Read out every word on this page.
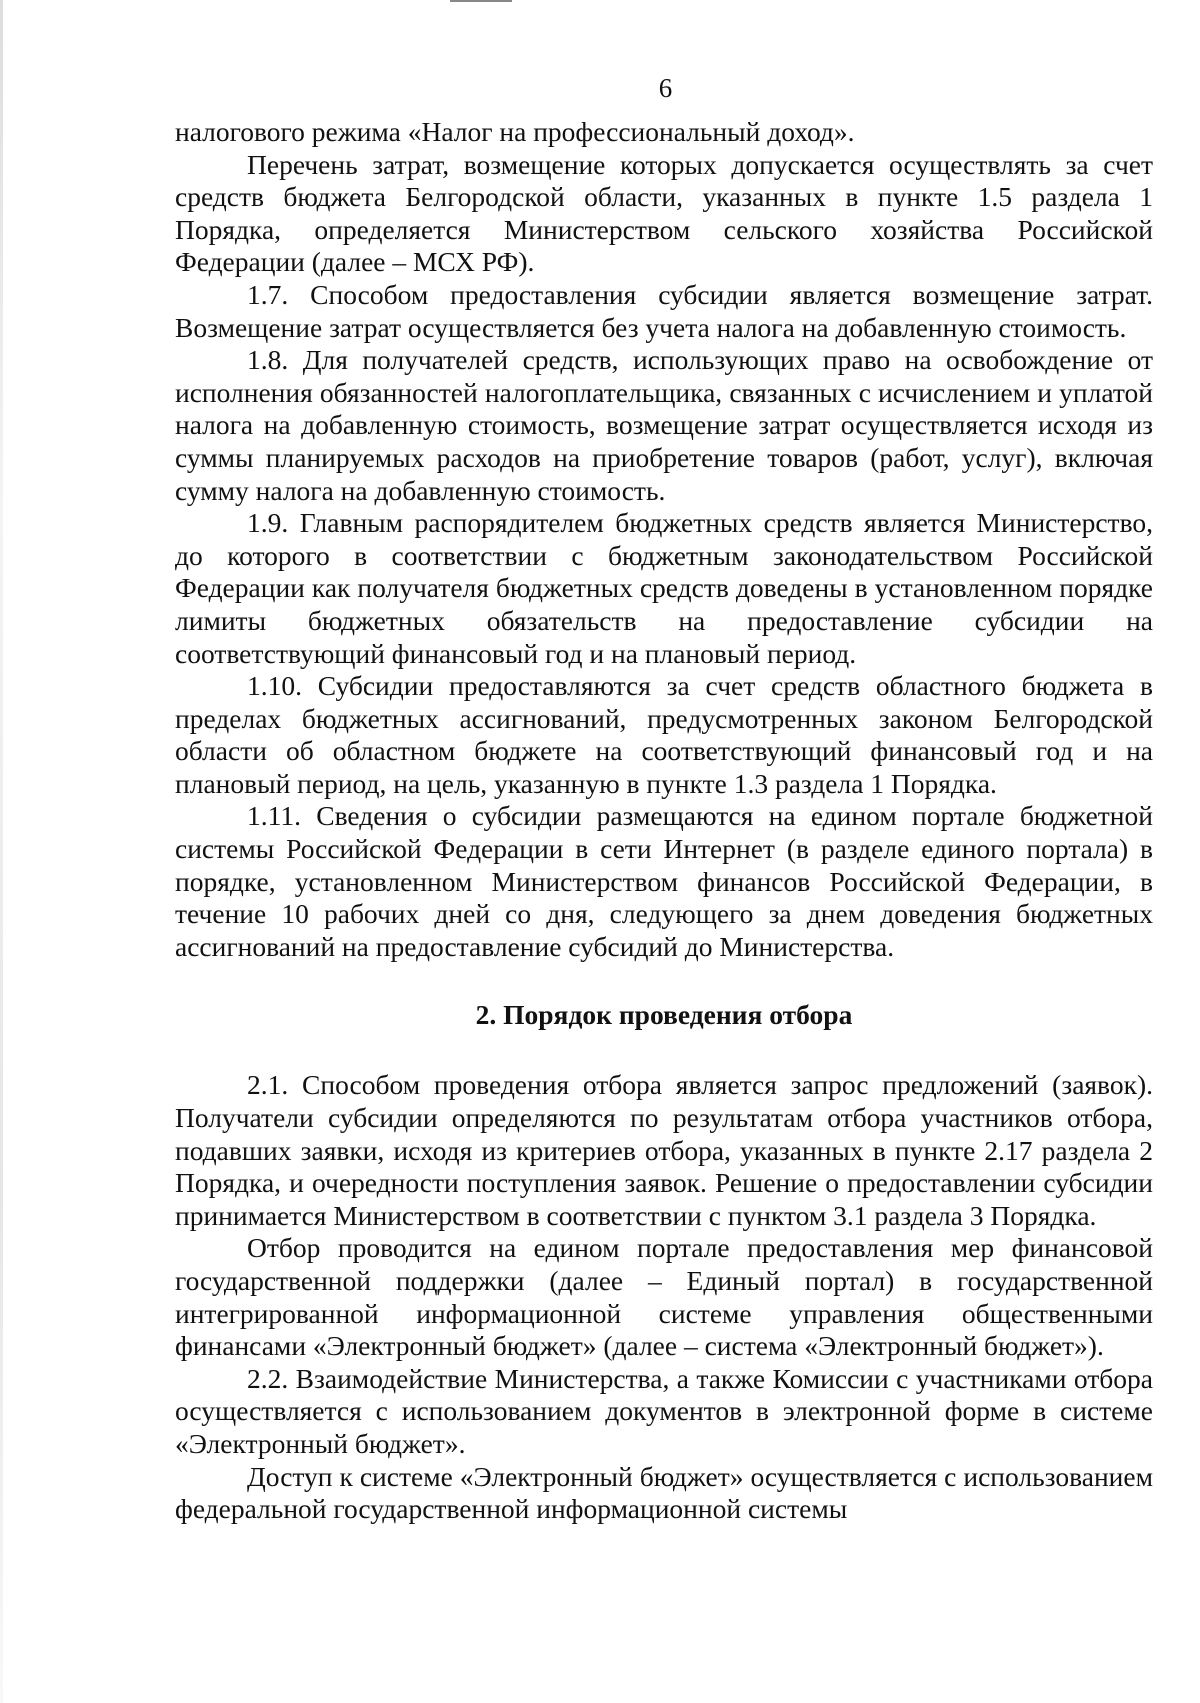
6

налогового режима «Налог на профессиональный доход».

Перечень затрат, возмещение которых допускается осуществлять за счет средств бюджета Белгородской области, указанных в пункте 1.5 раздела 1 Порядка, определяется Министерством сельского хозяйства Российской Федерации (далее – МСХ РФ).

1.7. Способом предоставления субсидии является возмещение затрат. Возмещение затрат осуществляется без учета налога на добавленную стоимость.

1.8. Для получателей средств, использующих право на освобождение от исполнения обязанностей налогоплательщика, связанных с исчислением и уплатой налога на добавленную стоимость, возмещение затрат осуществляется исходя из суммы планируемых расходов на приобретение товаров (работ, услуг), включая сумму налога на добавленную стоимость.

1.9. Главным распорядителем бюджетных средств является Министерство, до которого в соответствии с бюджетным законодательством Российской Федерации как получателя бюджетных средств доведены в установленном порядке лимиты бюджетных обязательств на предоставление субсидии на соответствующий финансовый год и на плановый период.

1.10. Субсидии предоставляются за счет средств областного бюджета в пределах бюджетных ассигнований, предусмотренных законом Белгородской области об областном бюджете на соответствующий финансовый год и на плановый период, на цель, указанную в пункте 1.3 раздела 1 Порядка.

1.11. Сведения о субсидии размещаются на едином портале бюджетной системы Российской Федерации в сети Интернет (в разделе единого портала) в порядке, установленном Министерством финансов Российской Федерации, в течение 10 рабочих дней со дня, следующего за днем доведения бюджетных ассигнований на предоставление субсидий до Министерства.

2. Порядок проведения отбора

2.1. Способом проведения отбора является запрос предложений (заявок). Получатели субсидии определяются по результатам отбора участников отбора, подавших заявки, исходя из критериев отбора, указанных в пункте 2.17 раздела 2 Порядка, и очередности поступления заявок. Решение о предоставлении субсидии принимается Министерством в соответствии с пунктом 3.1 раздела 3 Порядка.

Отбор проводится на едином портале предоставления мер финансовой государственной поддержки (далее – Единый портал) в государственной интегрированной информационной системе управления общественными финансами «Электронный бюджет» (далее – система «Электронный бюджет»).

2.2. Взаимодействие Министерства, а также Комиссии с участниками отбора осуществляется с использованием документов в электронной форме в системе «Электронный бюджет».

Доступ к системе «Электронный бюджет» осуществляется с использованием федеральной государственной информационной системы
